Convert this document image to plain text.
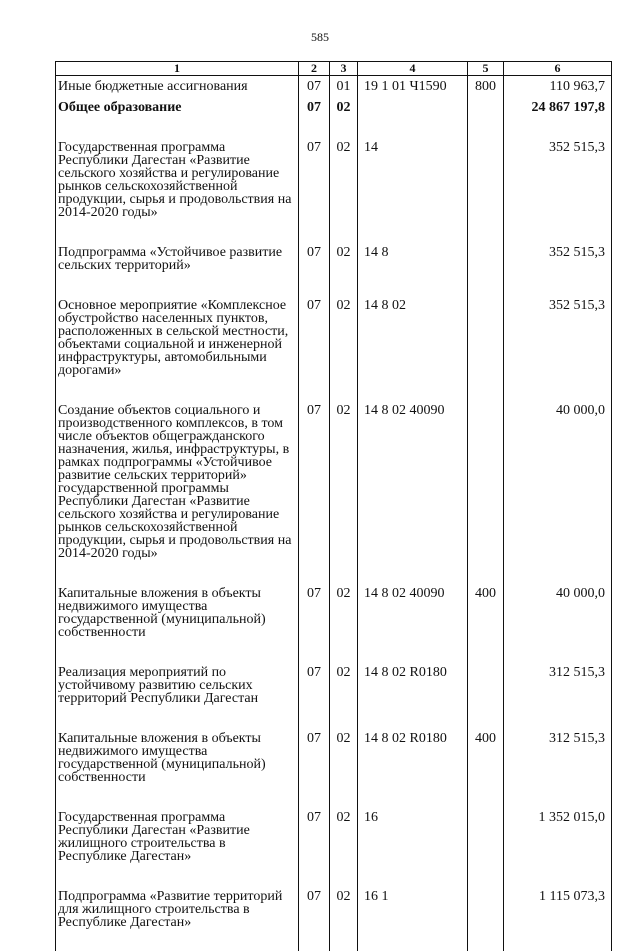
585
1	2	3	4	5	6
Иные бюджетные ассигнования	07	01	19 1 01 Ч1590	800	110 963,7
Общее образование	07	02			24 867 197,8
Государственная программа Республики Дагестан «Развитие сельского хозяйства и регулирование рынков сельскохозяйственной продукции, сырья и продовольствия на 2014-2020 годы»	07	02	14		352 515,3
Подпрограмма «Устойчивое развитие сельских территорий»	07	02	14 8		352 515,3
Основное мероприятие «Комплексное обустройство населенных пунктов, расположенных в сельской местности, объектами социальной и инженерной инфраструктуры, автомобильными дорогами»	07	02	14 8 02		352 515,3
Создание объектов социального и производственного комплексов, в том числе объектов общегражданского назначения, жилья, инфраструктуры, в рамках подпрограммы «Устойчивое развитие сельских территорий» государственной программы Республики Дагестан «Развитие сельского хозяйства и регулирование рынков сельскохозяйственной продукции, сырья и продовольствия на 2014-2020 годы»	07	02	14 8 02 40090		40 000,0
Капитальные вложения в объекты недвижимого имущества государственной (муниципальной) собственности	07	02	14 8 02 40090	400	40 000,0
Реализация мероприятий по устойчивому развитию сельских территорий Республики Дагестан	07	02	14 8 02 R0180		312 515,3
Капитальные вложения в объекты недвижимого имущества государственной (муниципальной) собственности	07	02	14 8 02 R0180	400	312 515,3
Государственная программа Республики Дагестан «Развитие жилищного строительства в Республике Дагестан»	07	02	16		1 352 015,0
Подпрограмма «Развитие территорий для жилищного строительства в Республике Дагестан»	07	02	16 1		1 115 073,3
